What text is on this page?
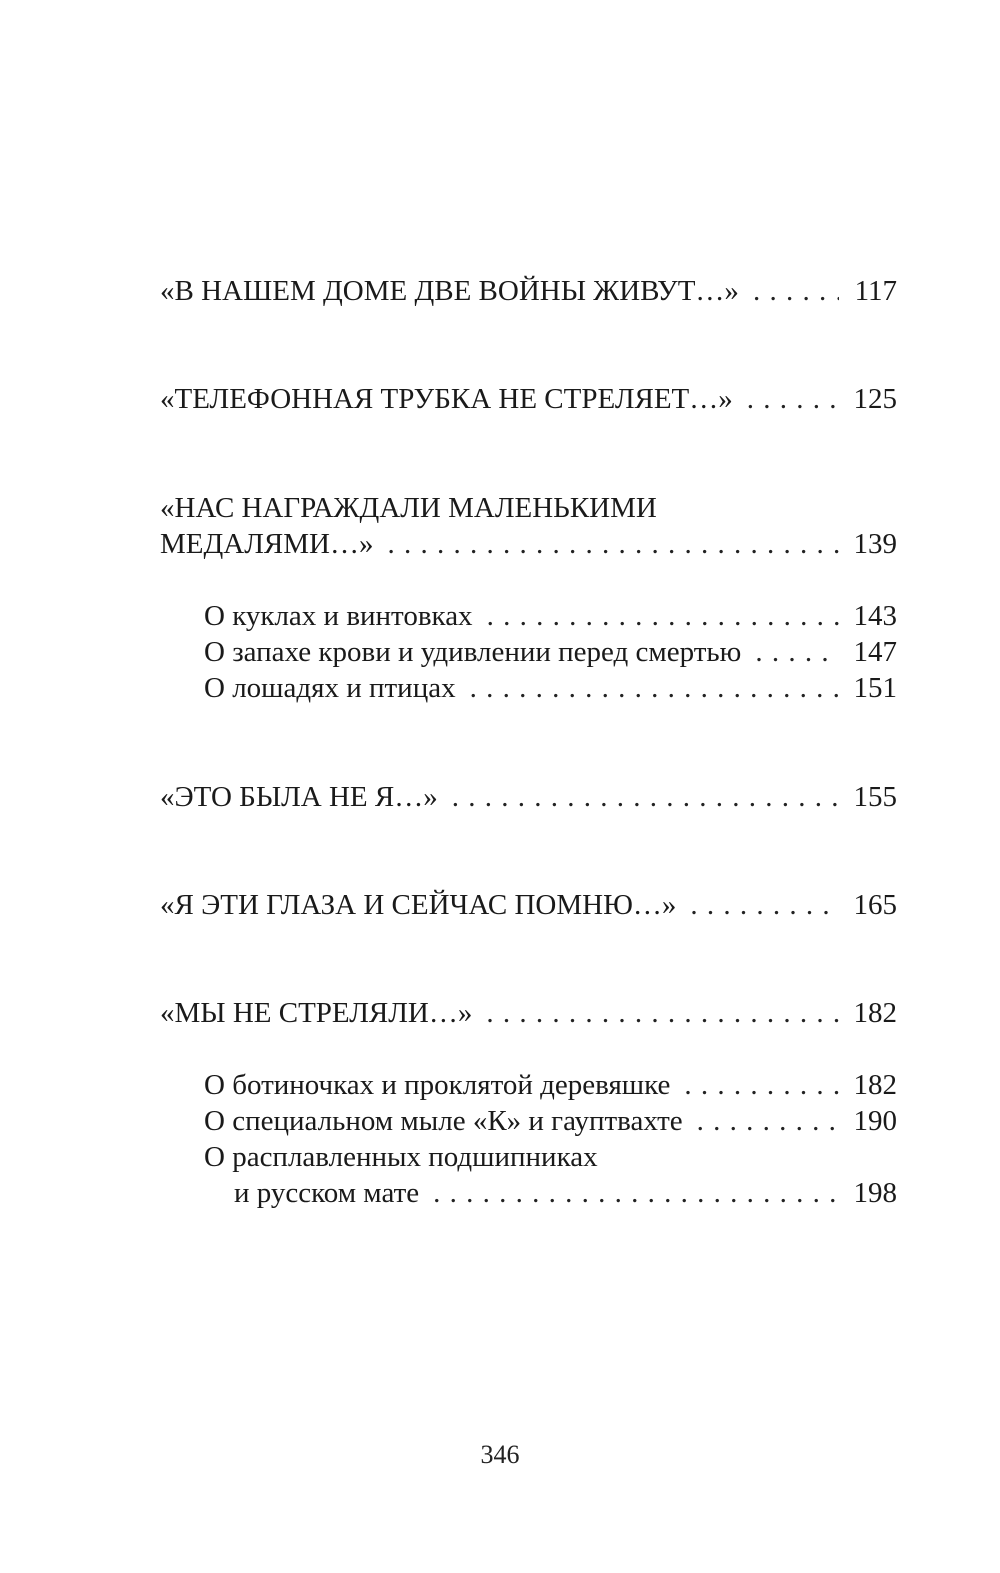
«В НАШЕМ ДОМЕ ДВЕ ВОЙНЫ ЖИВУТ…» . . .	117
«ТЕЛЕФОННАЯ ТРУБКА НЕ СТРЕЛЯЕТ…» . . .	125
«НАС НАГРАЖДАЛИ МАЛЕНЬКИМИ
МЕДАЛЯМИ…» . . .	139
О куклах и винтовках . . .	143
О запахе крови и удивлении перед смертью . . .	147
О лошадях и птицах . . .	151
«ЭТО БЫЛА НЕ Я…» . . .	155
«Я ЭТИ ГЛАЗА И СЕЙЧАС ПОМНЮ…» . . .	165
«МЫ НЕ СТРЕЛЯЛИ…» . . .	182
О ботиночках и проклятой деревяшке . . .	182
О специальном мыле «К» и гауптвахте . . .	190
О расплавленных подшипниках
и русском мате . . .	198
346
